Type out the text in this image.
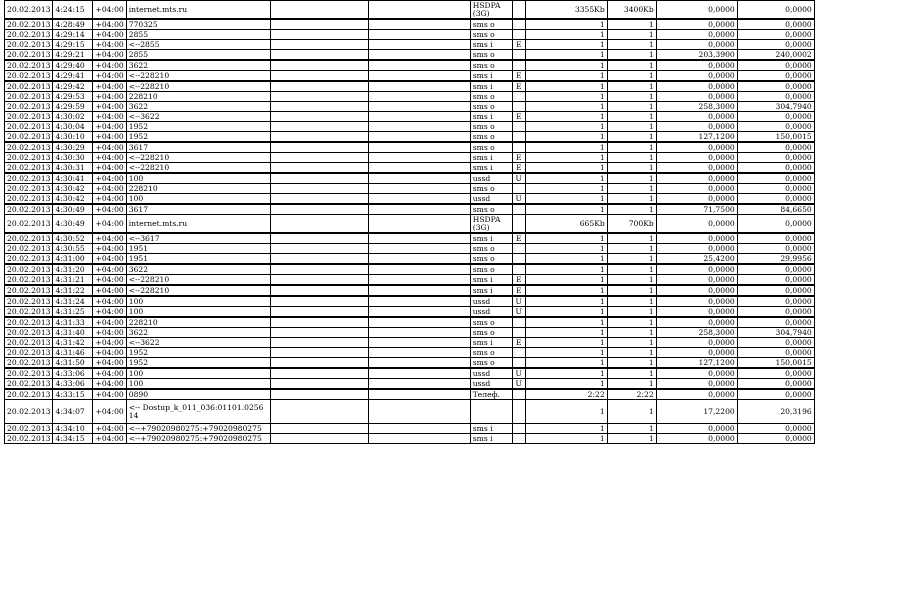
20.02.2013	4:24:15	+04:00	internet.mts.ru			HSDPA (3G)		3355Kb	3400Kb	0,0000	0,0000
20.02.2013	4:28:49	+04:00	770325			sms o		1	1	0,0000	0,0000
20.02.2013	4:29:14	+04:00	2855			sms o		1	1	0,0000	0,0000
20.02.2013	4:29:15	+04:00	<--2855			sms i	E	1	1	0,0000	0,0000
20.02.2013	4:29:21	+04:00	2855			sms o		1	1	203,3900	240,0002
20.02.2013	4:29:40	+04:00	3622			sms o		1	1	0,0000	0,0000
20.02.2013	4:29:41	+04:00	<--228210			sms i	E	1	1	0,0000	0,0000
20.02.2013	4:29:42	+04:00	<--228210			sms i	E	1	1	0,0000	0,0000
20.02.2013	4:29:53	+04:00	228210			sms o		1	1	0,0000	0,0000
20.02.2013	4:29:59	+04:00	3622			sms o		1	1	258,3000	304,7940
20.02.2013	4:30:02	+04:00	<--3622			sms i	E	1	1	0,0000	0,0000
20.02.2013	4:30:04	+04:00	1952			sms o		1	1	0,0000	0,0000
20.02.2013	4:30:10	+04:00	1952			sms o		1	1	127,1200	150,0015
20.02.2013	4:30:29	+04:00	3617			sms o		1	1	0,0000	0,0000
20.02.2013	4:30:30	+04:00	<--228210			sms i	E	1	1	0,0000	0,0000
20.02.2013	4:30:31	+04:00	<--228210			sms i	E	1	1	0,0000	0,0000
20.02.2013	4:30:41	+04:00	100			ussd	U	1	1	0,0000	0,0000
20.02.2013	4:30:42	+04:00	228210			sms o		1	1	0,0000	0,0000
20.02.2013	4:30:42	+04:00	100			ussd	U	1	1	0,0000	0,0000
20.02.2013	4:30:49	+04:00	3617			sms o		1	1	71,7500	84,6650
20.02.2013	4:30:49	+04:00	internet.mts.ru			HSDPA (3G)		665Kb	700Kb	0,0000	0,0000
20.02.2013	4:30:52	+04:00	<--3617			sms i	E	1	1	0,0000	0,0000
20.02.2013	4:30:55	+04:00	1951			sms o		1	1	0,0000	0,0000
20.02.2013	4:31:00	+04:00	1951			sms o		1	1	25,4200	29,9956
20.02.2013	4:31:20	+04:00	3622			sms o		1	1	0,0000	0,0000
20.02.2013	4:31:21	+04:00	<--228210			sms i	E	1	1	0,0000	0,0000
20.02.2013	4:31:22	+04:00	<--228210			sms i	E	1	1	0,0000	0,0000
20.02.2013	4:31:24	+04:00	100			ussd	U	1	1	0,0000	0,0000
20.02.2013	4:31:25	+04:00	100			ussd	U	1	1	0,0000	0,0000
20.02.2013	4:31:33	+04:00	228210			sms o		1	1	0,0000	0,0000
20.02.2013	4:31:40	+04:00	3622			sms o		1	1	258,3000	304,7940
20.02.2013	4:31:42	+04:00	<--3622			sms i	E	1	1	0,0000	0,0000
20.02.2013	4:31:46	+04:00	1952			sms o		1	1	0,0000	0,0000
20.02.2013	4:31:50	+04:00	1952			sms o		1	1	127,1200	150,0015
20.02.2013	4:33:06	+04:00	100			ussd	U	1	1	0,0000	0,0000
20.02.2013	4:33:06	+04:00	100			ussd	U	1	1	0,0000	0,0000
20.02.2013	4:33:15	+04:00	0890			Телеф.		2:22	2:22	0,0000	0,0000
20.02.2013	4:34:07	+04:00	<-- Dostup_k_011_036:01101.025614					1	1	17,2200	20,3196
20.02.2013	4:34:10	+04:00	<--+79020980275:+79020980275			sms i		1	1	0,0000	0,0000
20.02.2013	4:34:15	+04:00	<--+79020980275:+79020980275			sms i		1	1	0,0000	0,0000
